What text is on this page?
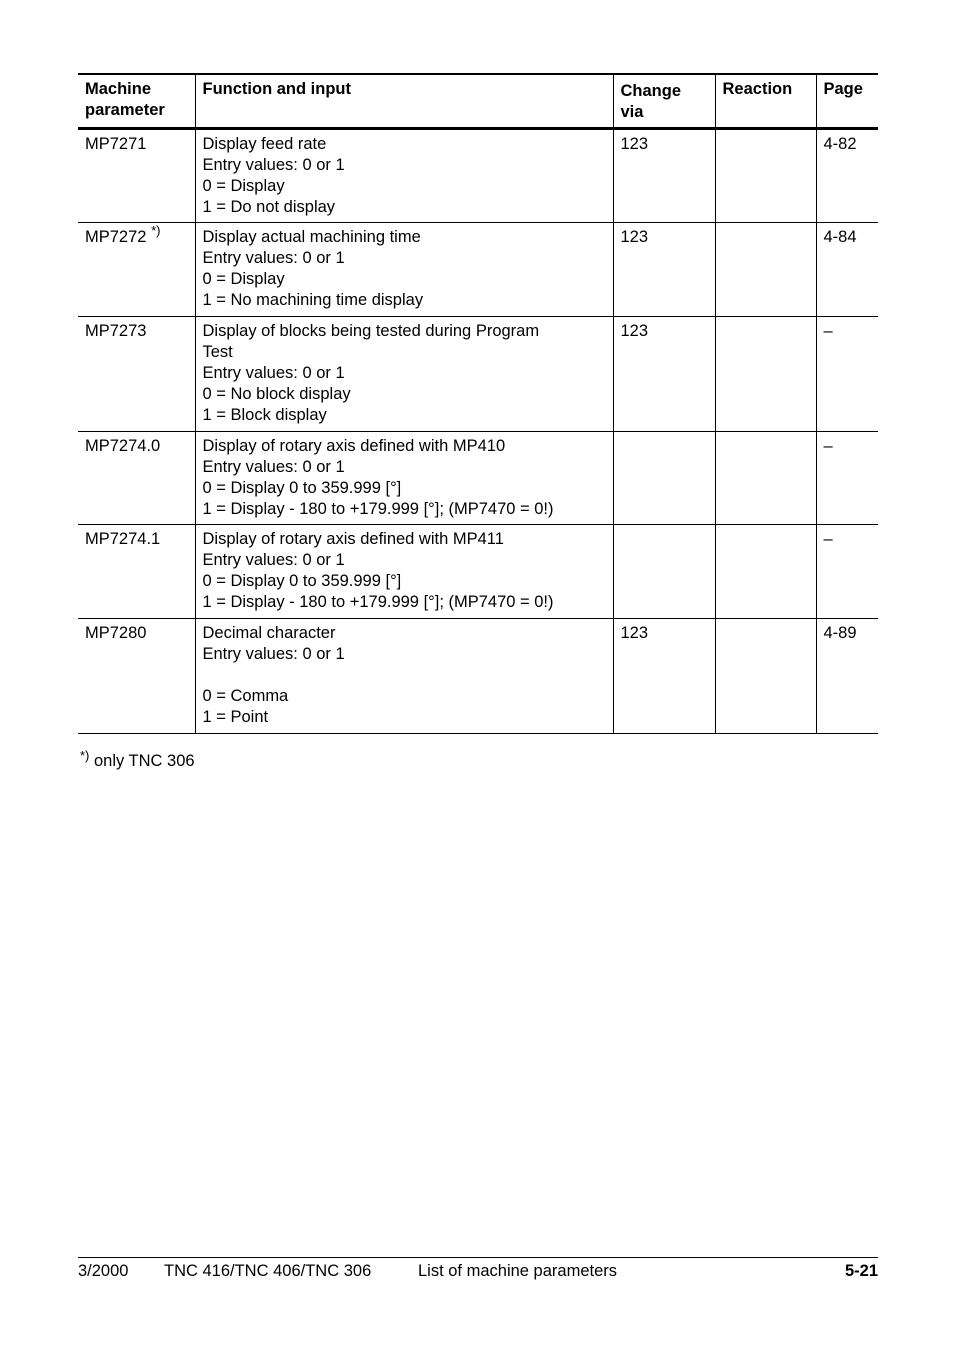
Machine parameter	Function and input	Change via	Reaction	Page
MP7271	Display feed rate
Entry values: 0 or 1
0 = Display
1 = Do not display	123		4-82
MP7272 *)	Display actual machining time
Entry values: 0 or 1
0 = Display
1 = No machining time display	123		4-84
MP7273	Display of blocks being tested during Program
Test
Entry values: 0 or 1
0 = No block display
1 = Block display	123		–
MP7274.0	Display of rotary axis defined with MP410
Entry values: 0 or 1
0 = Display 0 to 359.999 [°]
1 = Display - 180 to +179.999 [°]; (MP7470 = 0!)			–
MP7274.1	Display of rotary axis defined with MP411
Entry values: 0 or 1
0 = Display 0 to 359.999 [°]
1 = Display - 180 to +179.999 [°]; (MP7470 = 0!)			–
MP7280	Decimal character
Entry values: 0 or 1
0 = Comma
1 = Point	123		4-89
*) only TNC 306
3/2000 TNC 416/TNC 406/TNC 306	List of machine parameters	5-21
